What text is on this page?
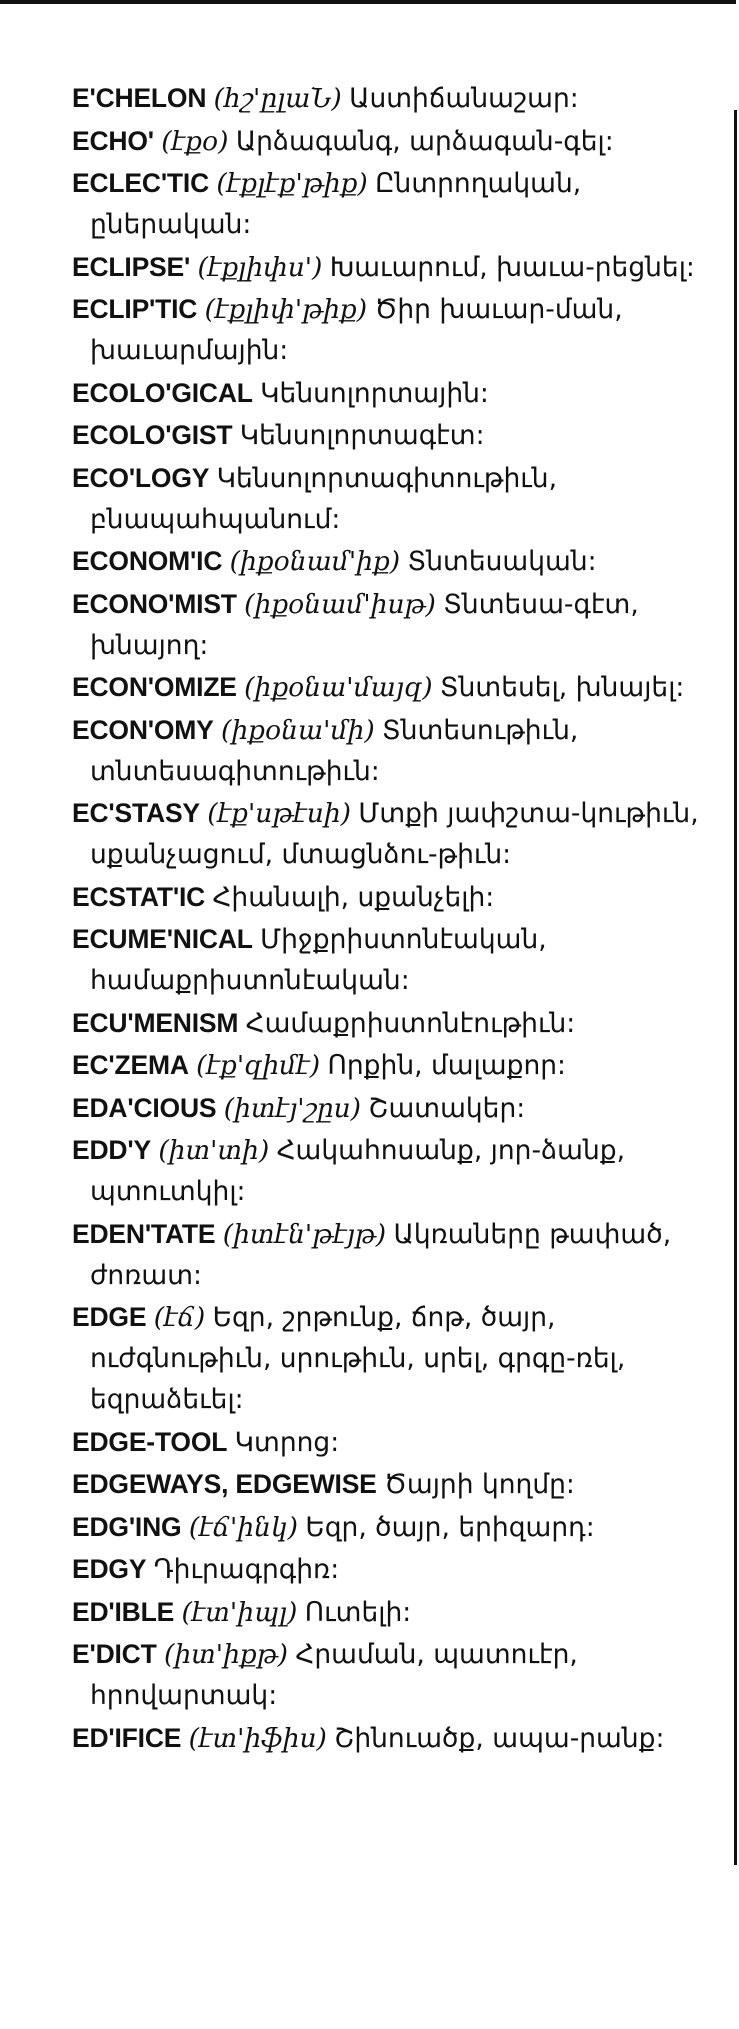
E'CHELON (հշ'ըլաՆ) Աստիճանաշար:

ECHO' (էքօ) Արձագանգ, արձագան-գել:

ECLEC'TIC (էքլէք'թիք) Ընտրողական, ըներական:

ECLIPSE' (էքլիփս') Խաւարում, խաւա-րեցնել:

ECLIP'TIC (էքլիփ'թիք) Ծիր խաւար-ման, խաւարմային:

ECOLO'GICAL Կենսոլորտային:

ECOLO'GIST Կենսոլորտագէտ:

ECO'LOGY Կենսոլորտագիտութիւն, բնապահպանում:

ECONOM'IC (իքօնամ'իք) Տնտեսական:

ECONO'MIST (իքօնամ'իսթ) Տնտեսա-գէտ, խնայող:

ECON'OMIZE (իքօնա'մայզ) Տնտեսել, խնայել:

ECON'OMY (իքօնա'մի) Տնտեսութիւն, տնտեսագիտութիւն:

EC'STASY (էք'սթէսի) Մտքի յափշտա-կութիւն, սքանչացում, մտացնձու-թիւն:

ECSTAT'IC Հիանալի, սքանչելի:

ECUME'NICAL Միջքրիստոնէական, համաքրիստոնէական:

ECU'MENISM Համաքրիստոնէութիւն:

EC'ZEMA (էք'զիմէ) Որքին, մալաքոր:

EDA'CIOUS (իտէյ'շըս) Շատակեր:

EDD'Y (իտ'տի) Հակահոսանք, յոր-ձանք, պտուտկիլ:

EDEN'TATE (իտէն'թէյթ) Ակռաները թափած, ժոռատ:

EDGE (էճ) Եզր, շրթունք, ճոթ, ծայր, ուժգնութիւն, սրութիւն, սրել, գրգը-ռել, եզրաձեւել:

EDGE-TOOL Կտրոց:

EDGEWAYS, EDGEWISE Ծայրի կողմը:

EDG'ING (էճ'ինկ) Եզր, ծայր, երիզարդ:

EDGY Դիւրագրգիռ:

ED'IBLE (էտ'իպլ) Ուտելի:

E'DICT (իտ'իքթ) Հրաման, պատուէր, հրովարտակ:

ED'IFICE (էտ'իֆիս) Շինուածք, ապա-րանք:
